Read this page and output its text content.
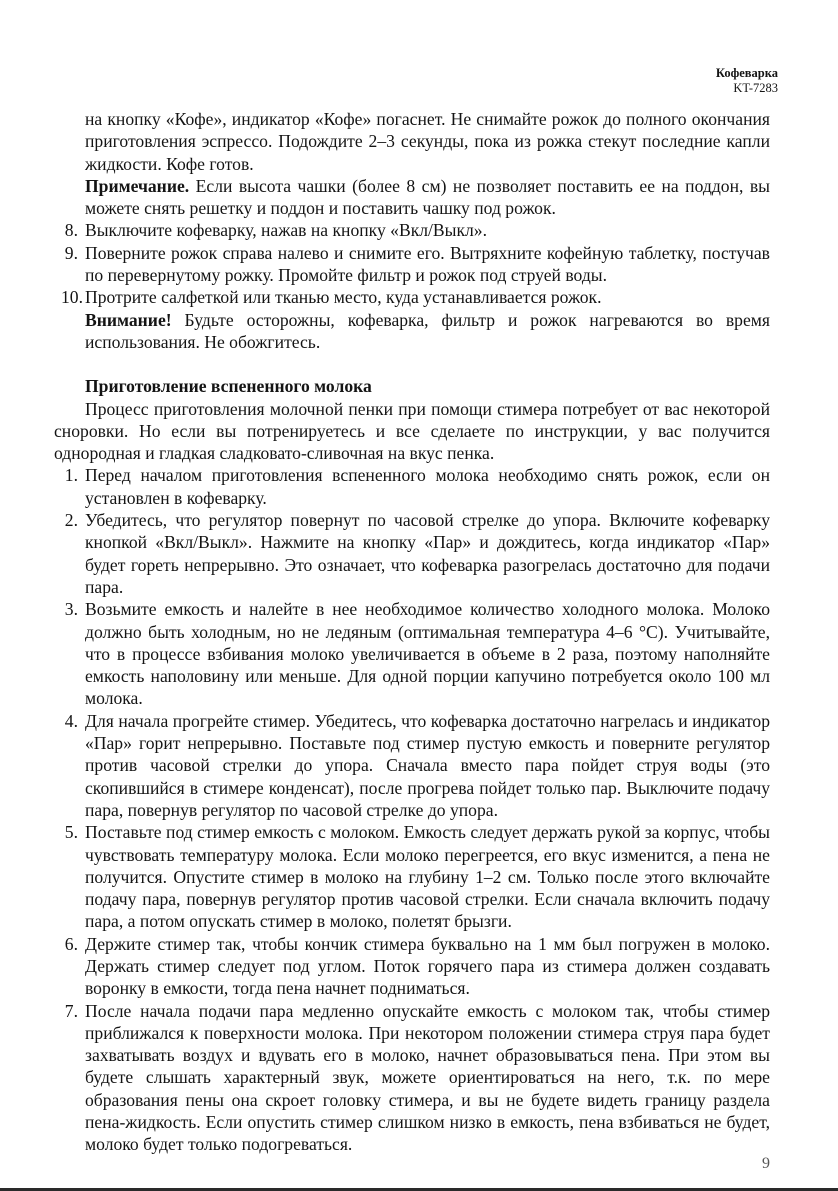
Кофеварка
KT-7283

на кнопку «Кофе», индикатор «Кофе» погаснет. Не снимайте рожок до полного окончания приготовления эспрессо. Подождите 2–3 секунды, пока из рожка стекут последние капли жидкости. Кофе готов.

Примечание. Если высота чашки (более 8 см) не позволяет поставить ее на поддон, вы можете снять решетку и поддон и поставить чашку под рожок.

8. Выключите кофеварку, нажав на кнопку «Вкл/Выкл».
9. Поверните рожок справа налево и снимите его. Вытряхните кофейную таблетку, постучав по перевернутому рожку. Промойте фильтр и рожок под струей воды.
10. Протрите салфеткой или тканью место, куда устанавливается рожок.

Внимание! Будьте осторожны, кофеварка, фильтр и рожок нагреваются во время использования. Не обожгитесь.

Приготовление вспененного молока

Процесс приготовления молочной пенки при помощи стимера потребует от вас некоторой сноровки. Но если вы потренируетесь и все сделаете по инструкции, у вас получится однородная и гладкая сладковато-сливочная на вкус пенка.

1. Перед началом приготовления вспененного молока необходимо снять рожок, если он установлен в кофеварку.
2. Убедитесь, что регулятор повернут по часовой стрелке до упора. Включите кофеварку кнопкой «Вкл/Выкл». Нажмите на кнопку «Пар» и дождитесь, когда индикатор «Пар» будет гореть непрерывно. Это означает, что кофеварка разогрелась достаточно для подачи пара.
3. Возьмите емкость и налейте в нее необходимое количество холодного молока. Молоко должно быть холодным, но не ледяным (оптимальная температура 4–6 °С). Учитывайте, что в процессе взбивания молоко увеличивается в объеме в 2 раза, поэтому наполняйте емкость наполовину или меньше. Для одной порции капучино потребуется около 100 мл молока.
4. Для начала прогрейте стимер. Убедитесь, что кофеварка достаточно нагрелась и индикатор «Пар» горит непрерывно. Поставьте под стимер пустую емкость и поверните регулятор против часовой стрелки до упора. Сначала вместо пара пойдет струя воды (это скопившийся в стимере конденсат), после прогрева пойдет только пар. Выключите подачу пара, повернув регулятор по часовой стрелке до упора.
5. Поставьте под стимер емкость с молоком. Емкость следует держать рукой за корпус, чтобы чувствовать температуру молока. Если молоко перегреется, его вкус изменится, а пена не получится. Опустите стимер в молоко на глубину 1–2 см. Только после этого включайте подачу пара, повернув регулятор против часовой стрелки. Если сначала включить подачу пара, а потом опускать стимер в молоко, полетят брызги.
6. Держите стимер так, чтобы кончик стимера буквально на 1 мм был погружен в молоко. Держать стимер следует под углом. Поток горячего пара из стимера должен создавать воронку в емкости, тогда пена начнет подниматься.
7. После начала подачи пара медленно опускайте емкость с молоком так, чтобы стимер приближался к поверхности молока. При некотором положении стимера струя пара будет захватывать воздух и вдувать его в молоко, начнет образовываться пена. При этом вы будете слышать характерный звук, можете ориентироваться на него, т.к. по мере образования пены она скроет головку стимера, и вы не будете видеть границу раздела пена-жидкость. Если опустить стимер слишком низко в емкость, пена взбиваться не будет, молоко будет только подогреваться.
9
